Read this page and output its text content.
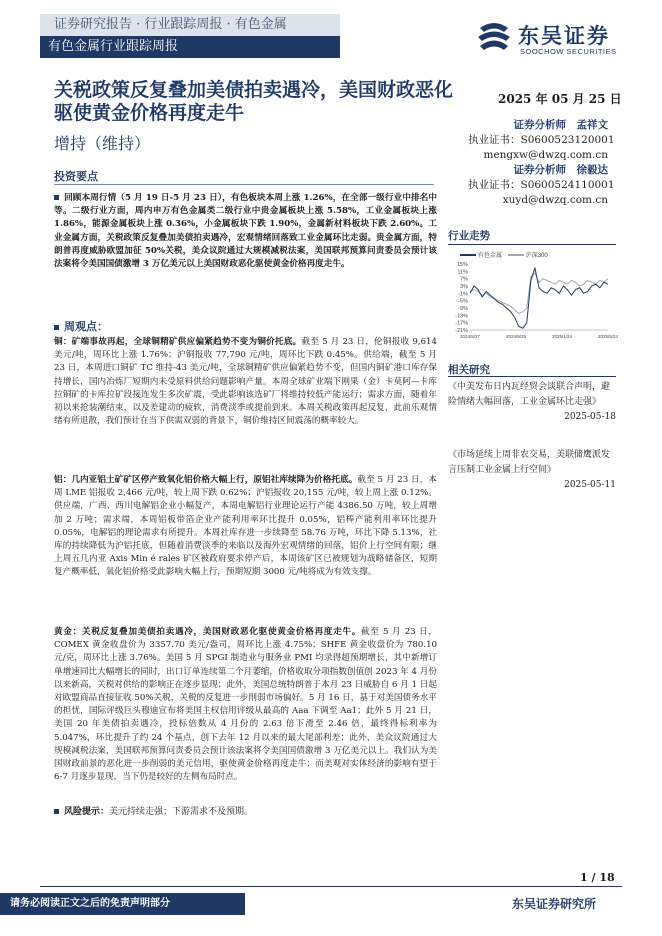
证券研究报告 · 行业跟踪周报 · 有色金属
有色金属行业跟踪周报	东吴证券
SOOCHOW SECURITIES
关税政策反复叠加美债拍卖遇冷，美国财政恶化驱使黄金价格再度走牛
增持（维持）
2025 年 05 月 25 日
证券分析师　孟祥文
执业证书：S0600523120001
mengxw@dwzq.com.cn
证券分析师　徐毅达
执业证书：S0600524110001
xuyd@dwzq.com.cn
投资要点
回顾本周行情（5 月 19 日-5 月 23 日），有色板块本周上涨 1.26%，在全部一级行业中排名中等。二级行业方面，周内申万有色金属类二级行业中贵金属板块上涨 5.58%，工业金属板块上涨 1.86%，能源金属板块上涨 0.36%，小金属板块下跌 1.90%，金属新材料板块下跌 2.60%。工业金属方面，关税政策反复叠加美债拍卖遇冷，宏观情绪回落致工业金属环比走弱。贵金属方面，特朗普再度威胁欧盟加征 50%关税，美众议院通过大规模减税法案，美国联邦预算问责委员会预计该法案将令美国国债激增 3 万亿美元以上美国财政恶化驱使黄金价格再度走牛。
周观点：
铜：矿端事故再起，全球铜精矿供应偏紧趋势不变为铜价托底。截至 5 月 23 日，伦铜报收 9,614 美元/吨，周环比上涨 1.76%；沪铜报收 77,790 元/吨，周环比下跌 0.45%。供给端，截至 5 月 23 日，本周进口铜矿 TC 维持-43 美元/吨，全球铜精矿供应偏紧趋势不变，但国内铜矿港口库存保持增长，国内冶炼厂短期内未受原料供给问题影响产量。本周全球矿业端下刚果（金）卡莫阿—卡库拉铜矿的卡库拉矿段接连发生多次矿震，受此影响该选矿厂将维持较低产能运行；需求方面，随着年初以来抢装潮结束，以及差建动的疲软，消费淡季或提前到来。本周关税政策再起反复，此前乐观情绪有所退散，我们预计在当下供需双弱的背景下，铜价维持区间震荡的概率较大。
铝：几内亚铝土矿矿区停产致氧化铝价格大幅上行，原铝社库续降为价格托底。截至 5 月 23 日，本周 LME 铝报收 2,466 元/吨，较上周下跌 0.62%；沪铝报收 20,155 元/吨，较上周上涨 0.12%。供应端，广西、西川电解铝企业小幅复产，本周电解铝行业理论运行产能 4386.50 万吨，较上周增加 2 万吨；需求端，本周铝板带箔企业产能利用率环比提升 0.05%，铝棒产能利用率环比提升 0.05%，电解铝的理论需求有所提升。本周社库存进一步续降至 58.76 万吨，环比下降 5.13%，社库的持续降低为沪铝托底，但随着消费淡季的来临以及海外宏观情绪的回落，铝价上行空间有限；继上周五几内亚 Axis Min é rales 矿区被政府要求停产后，本周该矿区已被规划为战略储备区，短期复产概率低，氧化铝价格受此影响大幅上行，预期短期 3000 元/吨将成为有效支撑。
黄金：关税反复叠加美债拍卖遇冷，美国财政恶化驱使黄金价格再度走牛。截至 5 月 23 日，COMEX 黄金收盘价为 3357.70 美元/盎司，周环比上涨 4.75%；SHFE 黄金收盘价为 780.10 元/克，周环比上涨 3.76%。美国 5 月 SPGI 制造业与服务业 PMI 均录得超预期增长，其中新增订单增速同比大幅增长的同时，出口订单连续第二个月萎缩，价格收取分项指数创值创 2023 年 4 月份以来新高，关税对供给的影响正在逐步显现；此外，美国总统特朗普于本月 23 日威胁自 6 月 1 日起对欧盟商品直接征收 50%关税，关税的反复进一步削弱市场偏好。5 月 16 日，基于对美国债务水平的担忧，国际评级巨头穆迪宣布将美国主权信用评级从最高的 Aaa 下调至 Aa1；此外 5 月 21 日，美国 20 年美债拍卖遇冷，投标倍数从 4 月份的 2.63 倍下滑至 2.46 倍，最终得标利率为 5.047%，环比提升了约 24 个基点，创下去年 12 月以来的最大尾部利差；此外，美众议院通过大规模减税法案，美国联邦预算问责委员会预计该法案将令美国国债激增 3 万亿美元以上。我们认为美国财政前景的恶化进一步削弱的美元信用，驱使黄金价格再度走牛；而美观对实体经济的影响有望于 6-7 月逐步显现，当下仍是较好的左侧布局时点。
风险提示：美元持续走强；下游需求不及预期。
行业走势
有色金属	沪深300
15%
11%
7%
3%
-1%
-5%
-9%
-13%
-17%
-21%
2024/5/27	2024/9/25	2025/1/24	2025/5/24
相关研究
《中美发布日内瓦经贸会谈联合声明，避险情绪大幅回落，工业金属环比走强》
2025-05-18
《市场延续上周非农交易，美联储鹰派发言压制工业金属上行空间》
2025-05-11
1 / 18
请务必阅读正文之后的免责声明部分	东吴证券研究所
